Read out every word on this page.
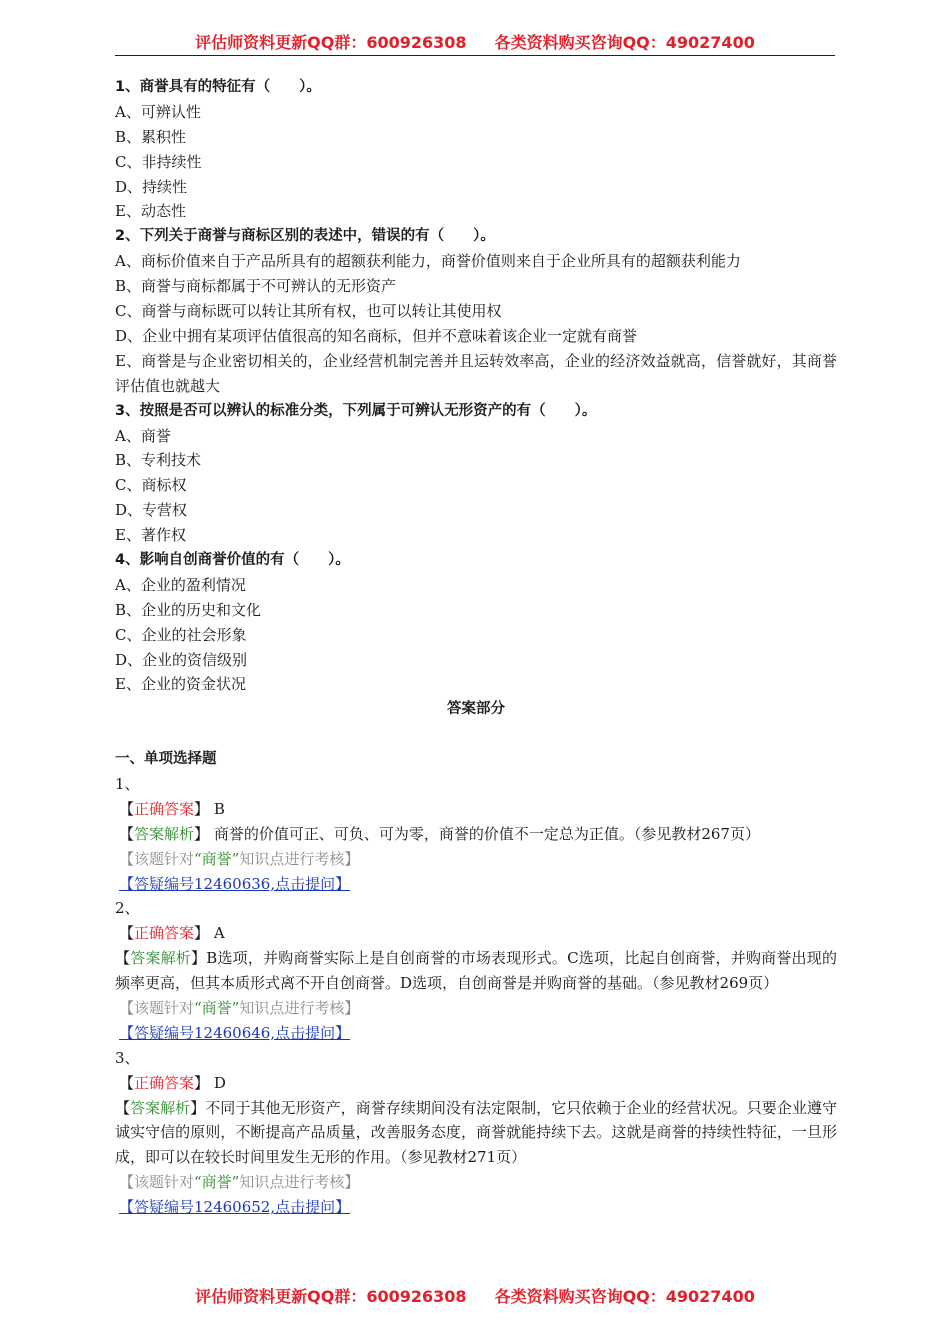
评估师资料更新QQ群：600926308 各类资料购买咨询QQ：49027400
1、商誉具有的特征有（　　）。
A、可辨认性
B、累积性
C、非持续性
D、持续性
E、动态性
2、下列关于商誉与商标区别的表述中，错误的有（　　）。
A、商标价值来自于产品所具有的超额获利能力，商誉价值则来自于企业所具有的超额获利能力
B、商誉与商标都属于不可辨认的无形资产
C、商誉与商标既可以转让其所有权，也可以转让其使用权
D、企业中拥有某项评估值很高的知名商标，但并不意味着该企业一定就有商誉
E、商誉是与企业密切相关的，企业经营机制完善并且运转效率高，企业的经济效益就高，信誉就好，其商誉评估值也就越大
3、按照是否可以辨认的标准分类，下列属于可辨认无形资产的有（　　）。
A、商誉
B、专利技术
C、商标权
D、专营权
E、著作权
4、影响自创商誉价值的有（　　）。
A、企业的盈利情况
B、企业的历史和文化
C、企业的社会形象
D、企业的资信级别
E、企业的资金状况
答案部分
一、单项选择题
1、
【正确答案】 B
【答案解析】 商誉的价值可正、可负、可为零，商誉的价值不一定总为正值。（参见教材267页）
【该题针对“商誉”知识点进行考核】
【答疑编号12460636,点击提问】
2、
【正确答案】 A
【答案解析】B选项，并购商誉实际上是自创商誉的市场表现形式。C选项，比起自创商誉，并购商誉出现的频率更高，但其本质形式离不开自创商誉。D选项，自创商誉是并购商誉的基础。（参见教材269页）
【该题针对“商誉”知识点进行考核】
【答疑编号12460646,点击提问】
3、
【正确答案】 D
【答案解析】不同于其他无形资产，商誉存续期间没有法定限制，它只依赖于企业的经营状况。只要企业遵守诚实守信的原则，不断提高产品质量，改善服务态度，商誉就能持续下去。这就是商誉的持续性特征，一旦形成，即可以在较长时间里发生无形的作用。（参见教材271页）
【该题针对“商誉”知识点进行考核】
【答疑编号12460652,点击提问】
评估师资料更新QQ群：600926308 各类资料购买咨询QQ：49027400
